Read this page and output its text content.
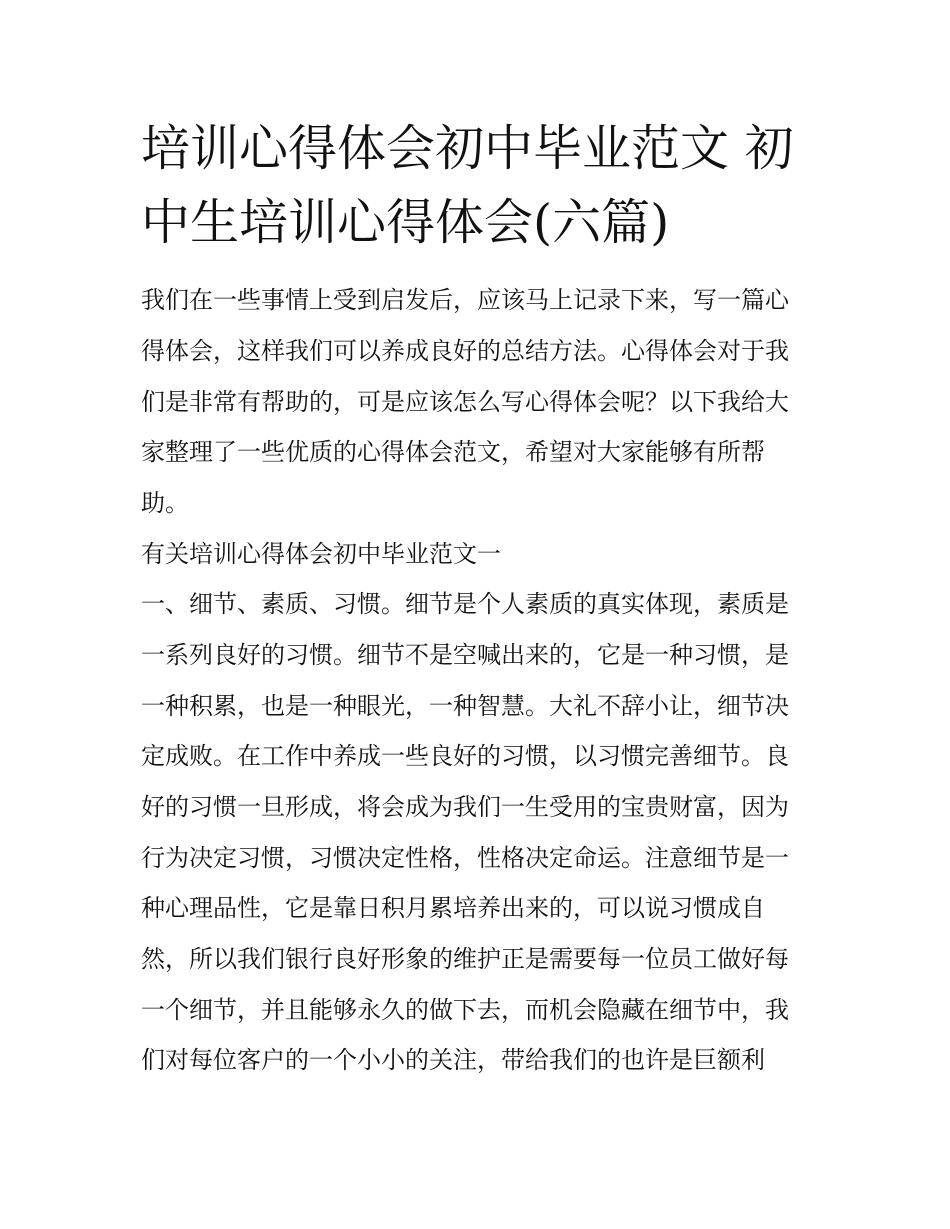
培训心得体会初中毕业范文 初
中生培训心得体会(六篇)

我们在一些事情上受到启发后，应该马上记录下来，写一篇心

得体会，这样我们可以养成良好的总结方法。心得体会对于我

们是非常有帮助的，可是应该怎么写心得体会呢？以下我给大

家整理了一些优质的心得体会范文，希望对大家能够有所帮

助。

有关培训心得体会初中毕业范文一

一、细节、素质、习惯。细节是个人素质的真实体现，素质是

一系列良好的习惯。细节不是空喊出来的，它是一种习惯，是

一种积累，也是一种眼光，一种智慧。大礼不辞小让，细节决

定成败。在工作中养成一些良好的习惯，以习惯完善细节。良

好的习惯一旦形成，将会成为我们一生受用的宝贵财富，因为

行为决定习惯，习惯决定性格，性格决定命运。注意细节是一

种心理品性，它是靠日积月累培养出来的，可以说习惯成自

然，所以我们银行良好形象的维护正是需要每一位员工做好每

一个细节，并且能够永久的做下去，而机会隐藏在细节中，我

们对每位客户的一个小小的关注，带给我们的也许是巨额利
